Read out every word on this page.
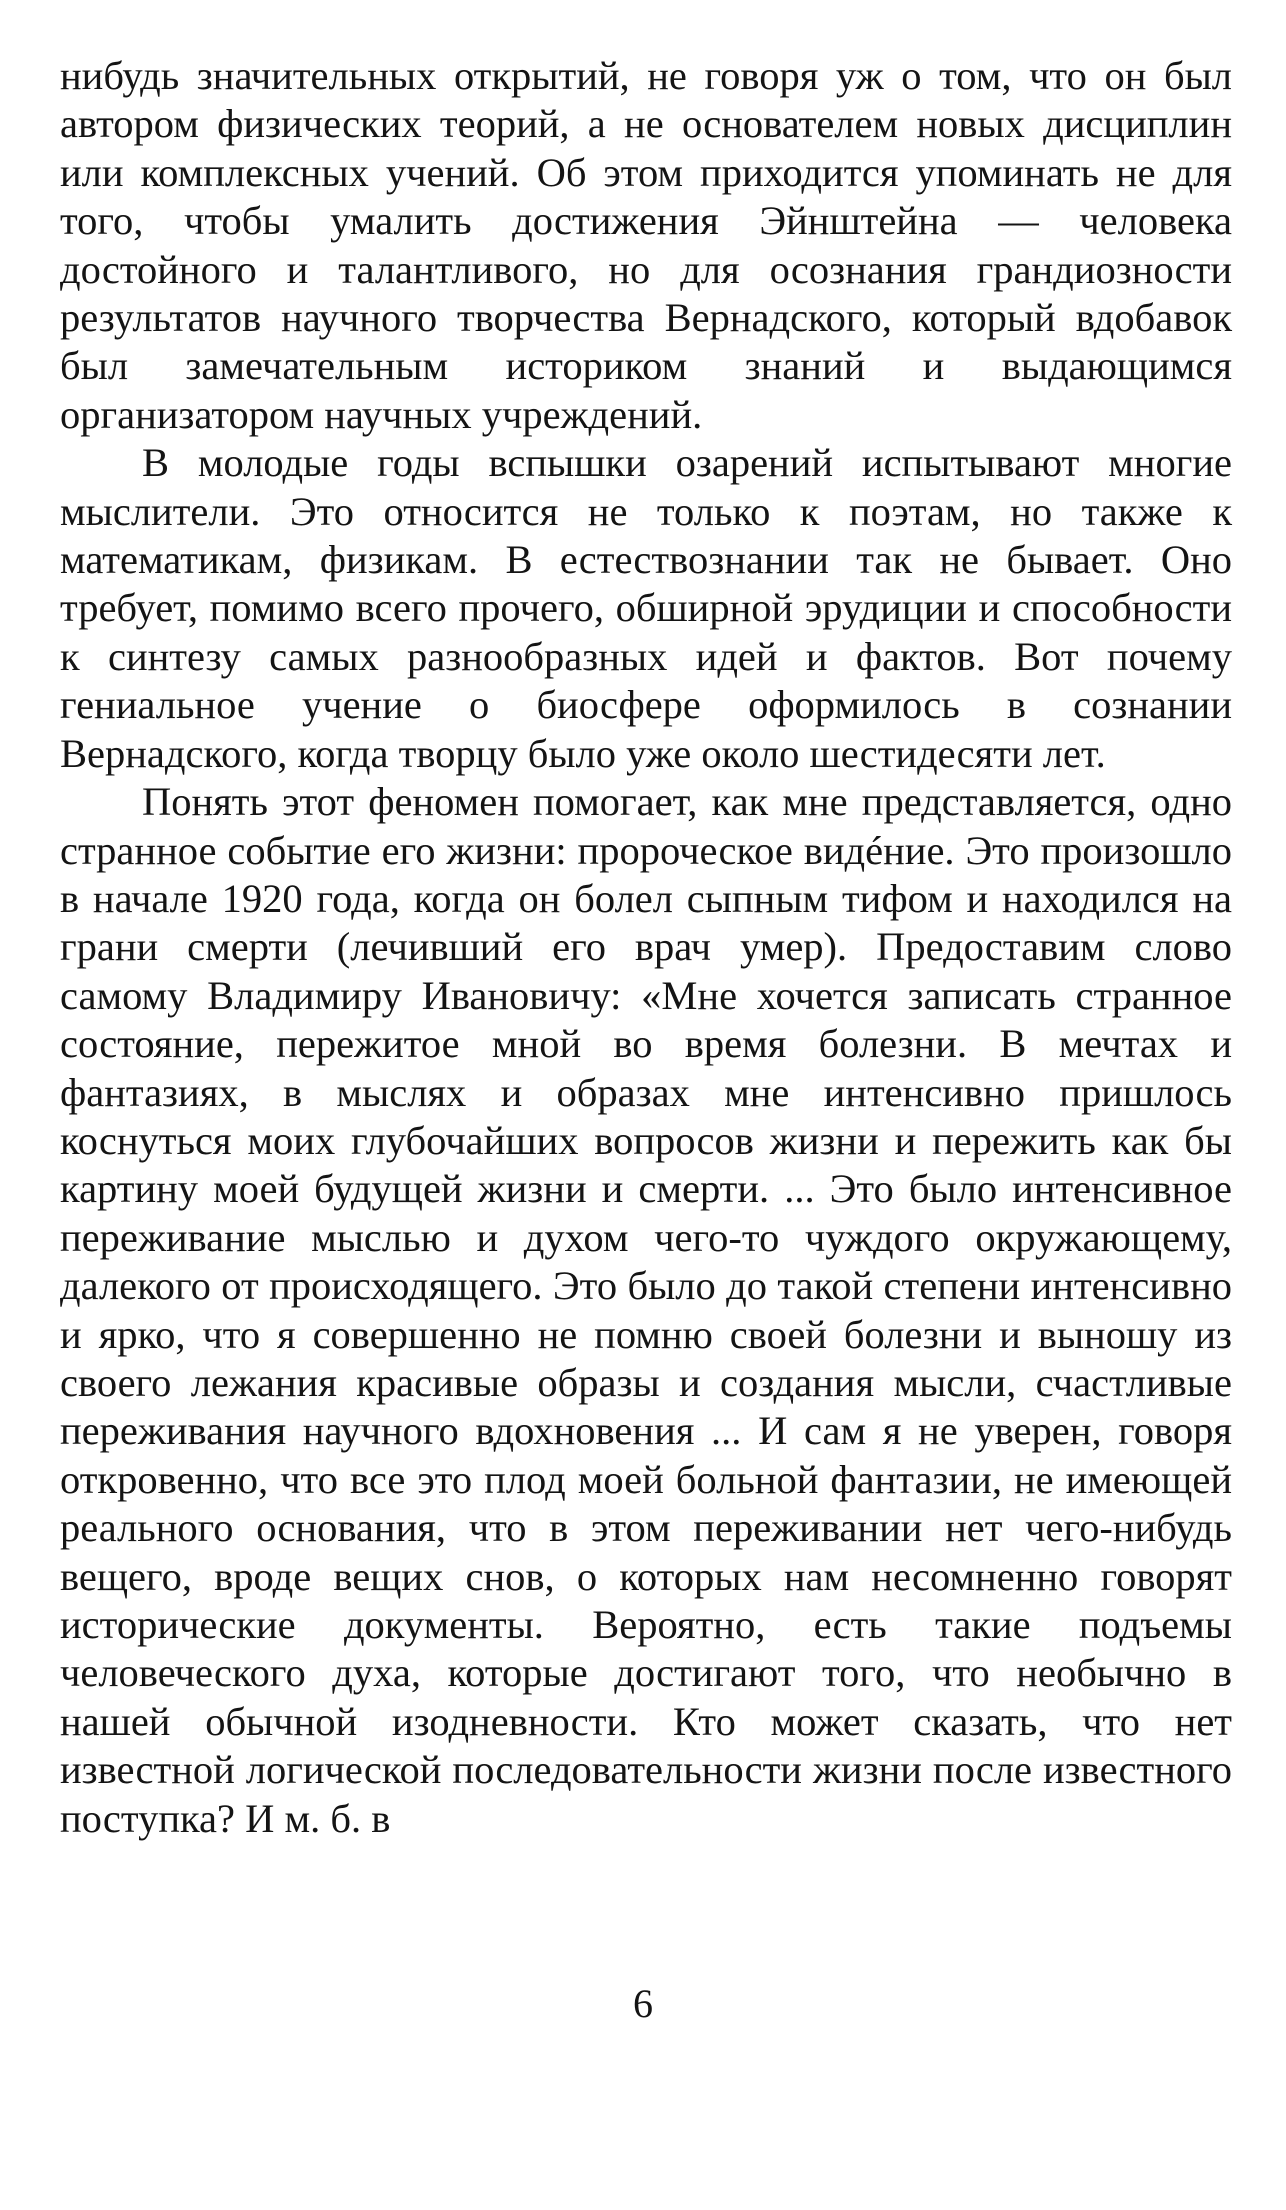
нибудь значительных открытий, не говоря уж о том, что он был автором физических теорий, а не основателем новых дисциплин или комплексных учений. Об этом приходится упоминать не для того, чтобы умалить достижения Эйнштейна — человека достойного и талантливого, но для осознания грандиозности результатов научного творчества Вернадского, который вдобавок был замечательным историком знаний и выдающимся организатором научных учреждений.

В молодые годы вспышки озарений испытывают многие мыслители. Это относится не только к поэтам, но также к математикам, физикам. В естествознании так не бывает. Оно требует, помимо всего прочего, обширной эрудиции и способности к синтезу самых разнообразных идей и фактов. Вот почему гениальное учение о биосфере оформилось в сознании Вернадского, когда творцу было уже около шестидесяти лет.

Понять этот феномен помогает, как мне представляется, одно странное событие его жизни: пророческое видéние. Это произошло в начале 1920 года, когда он болел сыпным тифом и находился на грани смерти (лечивший его врач умер). Предоставим слово самому Владимиру Ивановичу: «Мне хочется записать странное состояние, пережитое мной во время болезни. В мечтах и фантазиях, в мыслях и образах мне интенсивно пришлось коснуться моих глубочайших вопросов жизни и пережить как бы картину моей будущей жизни и смерти. ... Это было интенсивное переживание мыслью и духом чего-то чуждого окружающему, далекого от происходящего. Это было до такой степени интенсивно и ярко, что я совершенно не помню своей болезни и выношу из своего лежания красивые образы и создания мысли, счастливые переживания научного вдохновения ... И сам я не уверен, говоря откровенно, что все это плод моей больной фантазии, не имеющей реального основания, что в этом переживании нет чего-нибудь вещего, вроде вещих снов, о которых нам несомненно говорят исторические документы. Вероятно, есть такие подъемы человеческого духа, которые достигают того, что необычно в нашей обычной изодневности. Кто может сказать, что нет известной логической последовательности жизни после известного поступка? И м. б. в

6
